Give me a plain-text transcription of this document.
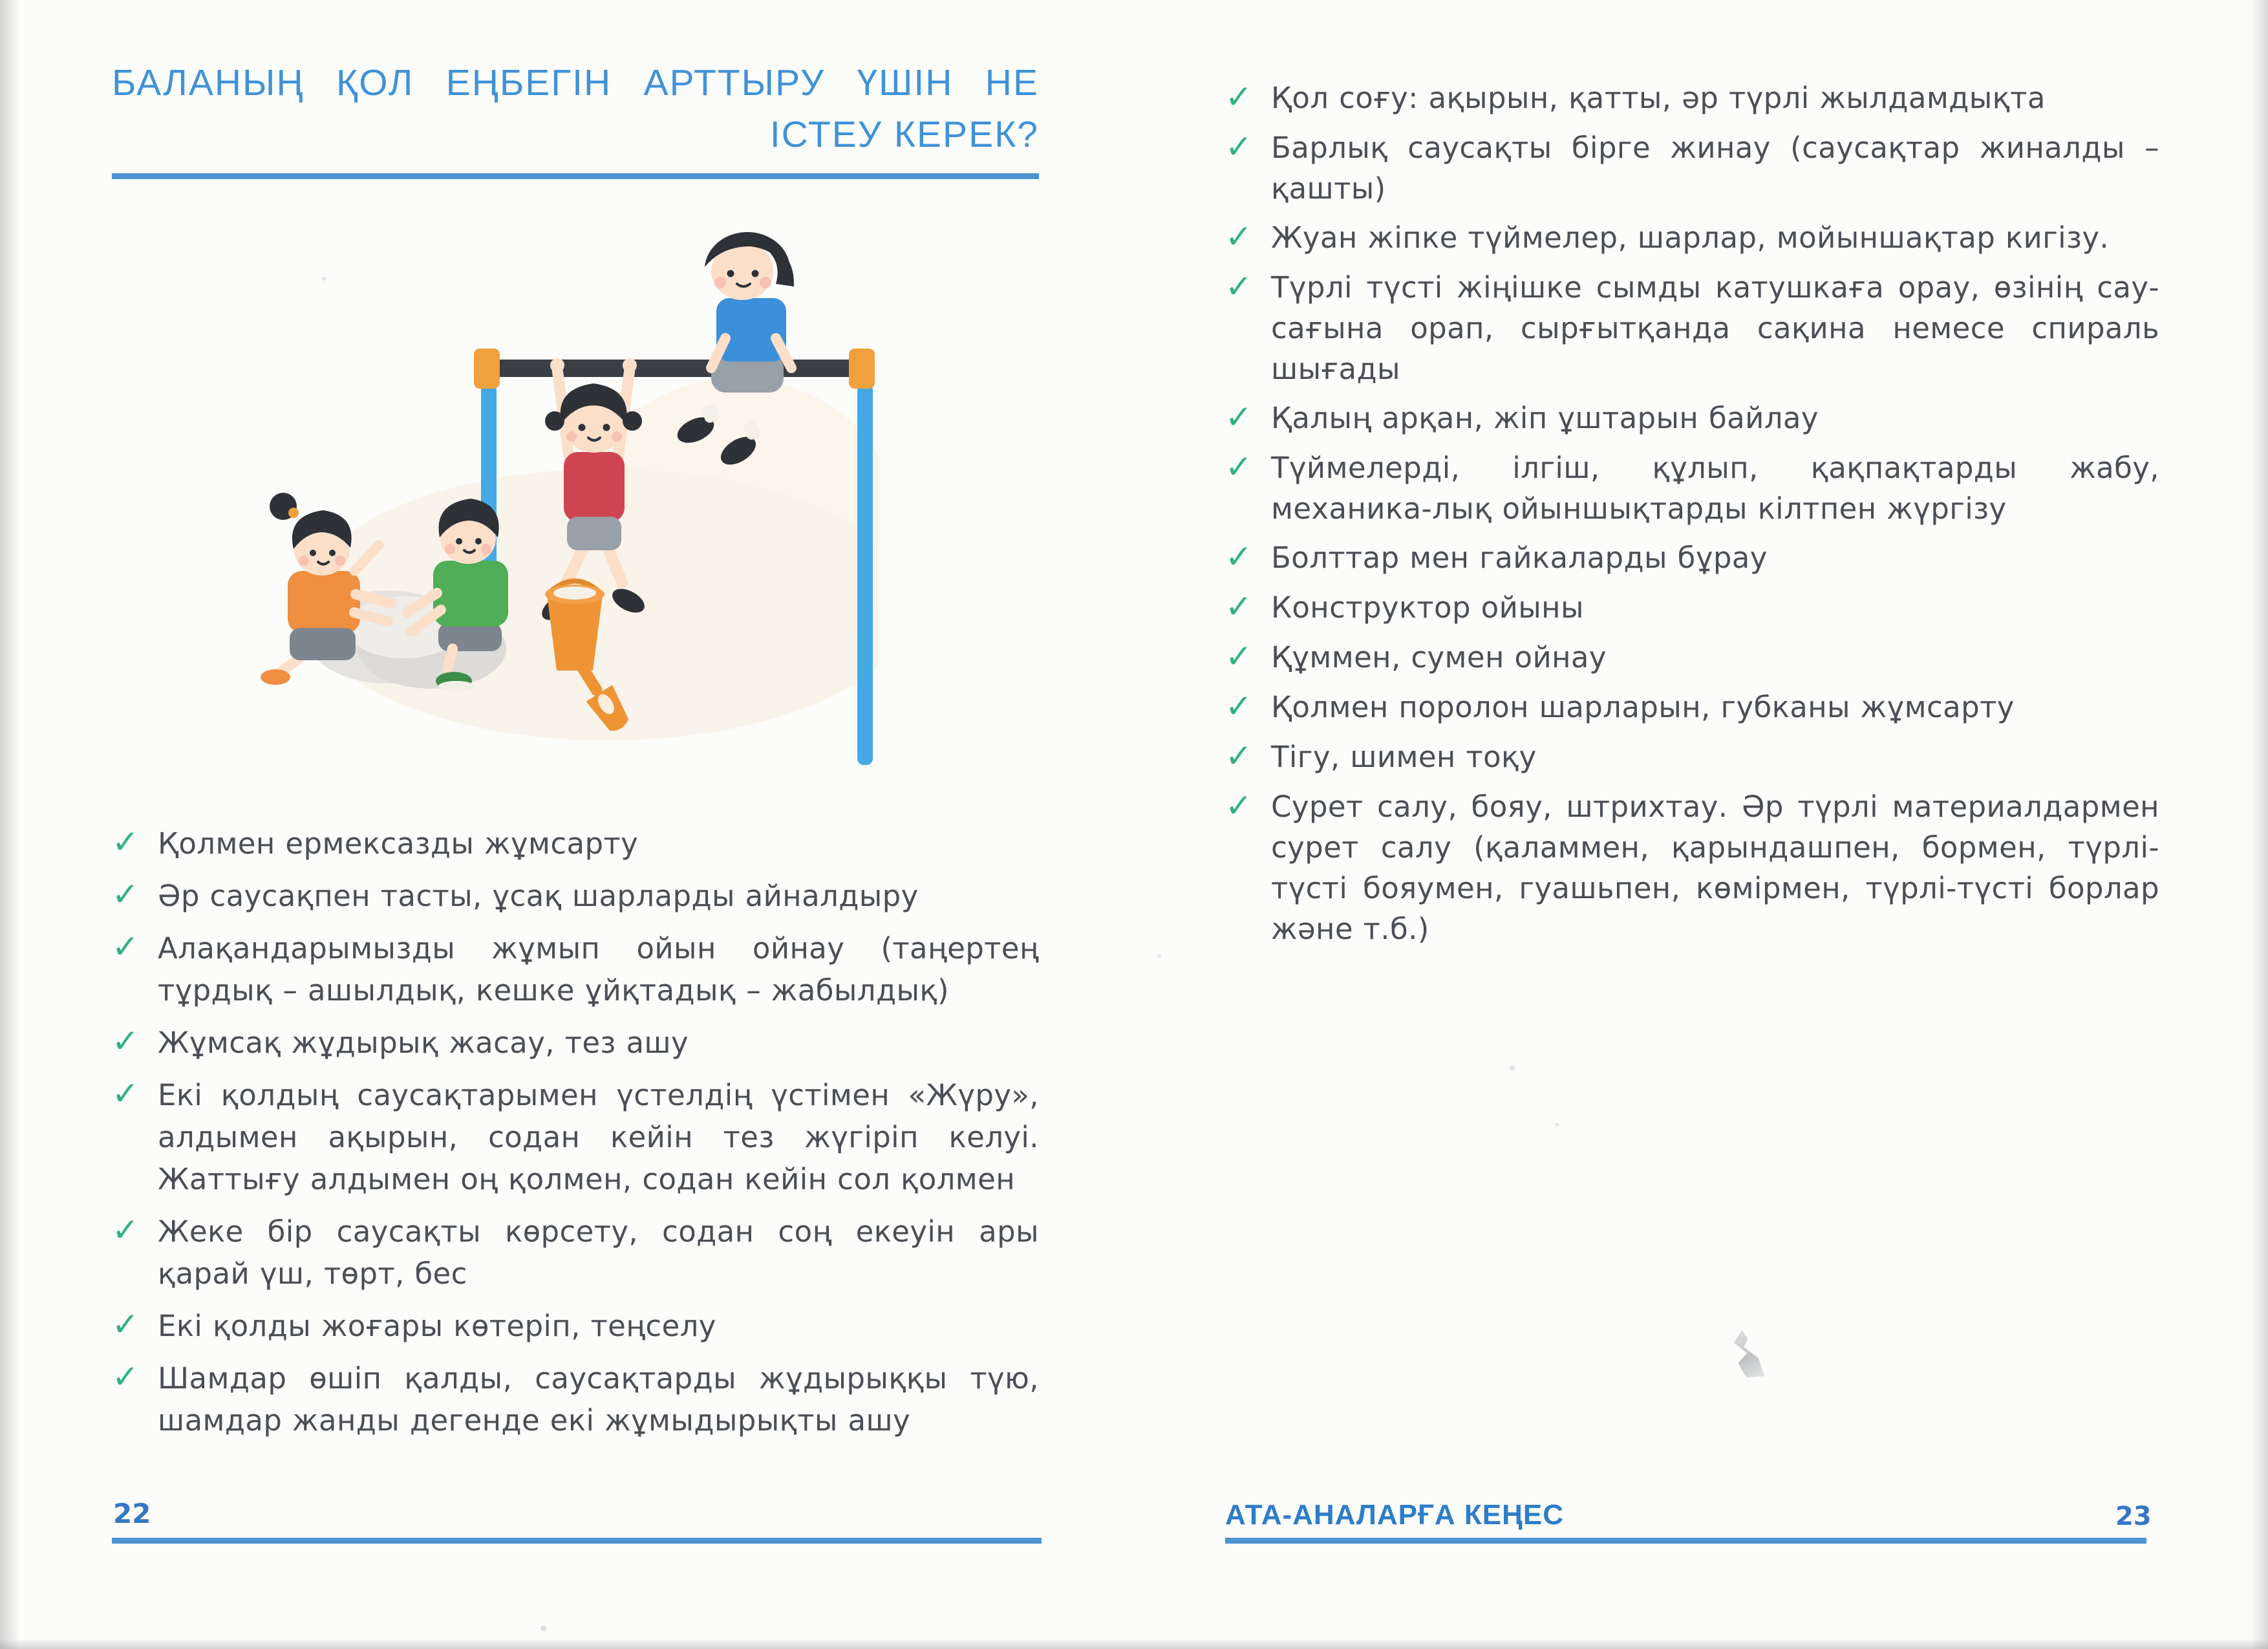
БАЛАНЫҢ ҚОЛ ЕҢБЕГІН АРТТЫРУ ҮШІН НЕ ІСТЕУ КЕРЕК?
✓ Қолмен ермексазды жұмсарту
✓ Әр саусақпен тасты, ұсақ шарларды айналдыру
✓ Алақандарымызды жұмып ойын ойнау (таңертең тұрдық – ашылдық, кешке ұйқтадық – жабылдық)
✓ Жұмсақ жұдырық жасау, тез ашу
✓ Екі қолдың саусақтарымен үстелдің үстімен «Жүру», алдымен ақырын, содан кейін тез жүгіріп келуі. Жаттығу алдымен оң қолмен, содан кейін сол қолмен
✓ Жеке бір саусақты көрсету, содан соң екеуін ары қарай үш, төрт, бес
✓ Екі қолды жоғары көтеріп, теңселу
✓ Шамдар өшіп қалды, саусақтарды жұдырыққы түю, шамдар жанды дегенде екі жұмыдырықты ашу
22
✓ Қол соғу: ақырын, қатты, әр түрлі жылдамдықта
✓ Барлық саусақты бірге жинау (саусақтар жиналды – қашты)
✓ Жуан жіпке түймелер, шарлар, мойыншақтар кигізу.
✓ Түрлі түсті жіңішке сымды катушкаға орау, өзінің сау-сағына орап, сырғытқанда сақина немесе спираль шығады
✓ Қалың арқан, жіп ұштарын байлау
✓ Түймелерді, ілгіш, құлып, қақпақтарды жабу, механика-лық ойыншықтарды кілтпен жүргізу
✓ Болттар мен гайкаларды бұрау
✓ Конструктор ойыны
✓ Құммен, сумен ойнау
✓ Қолмен поролон шарларын, губканы жұмсарту
✓ Тігу, шимен тоқу
✓ Сурет салу, бояу, штрихтау. Әр түрлі материалдармен сурет салу (қаламмен, қарындашпен, бормен, түрлі-түсті бояумен, гуашьпен, көмірмен, түрлі-түсті борлар және т.б.)
АТА-АНАЛАРҒА КЕҢЕС	23
